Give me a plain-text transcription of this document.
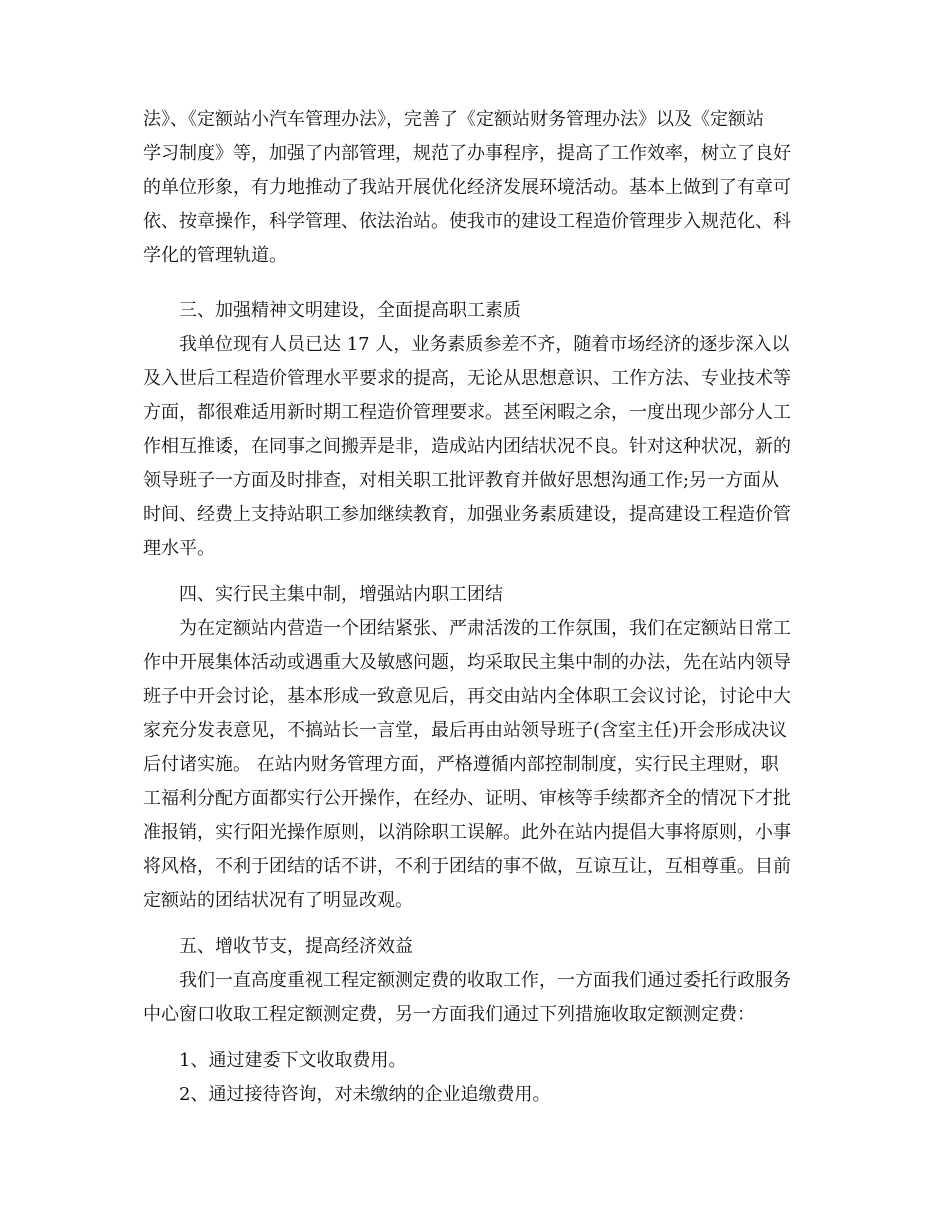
法》、《定额站小汽车管理办法》，完善了《定额站财务管理办法》以及《定额站
学习制度》等，加强了内部管理，规范了办事程序，提高了工作效率，树立了良好
的单位形象，有力地推动了我站开展优化经济发展环境活动。基本上做到了有章可
依、按章操作，科学管理、依法治站。使我市的建设工程造价管理步入规范化、科
学化的管理轨道。
三、加强精神文明建设，全面提高职工素质
我单位现有人员已达 17 人，业务素质参差不齐，随着市场经济的逐步深入以
及入世后工程造价管理水平要求的提高，无论从思想意识、工作方法、专业技术等
方面，都很难适用新时期工程造价管理要求。甚至闲暇之余，一度出现少部分人工
作相互推诿，在同事之间搬弄是非，造成站内团结状况不良。针对这种状况，新的
领导班子一方面及时排查，对相关职工批评教育并做好思想沟通工作;另一方面从
时间、经费上支持站职工参加继续教育，加强业务素质建设，提高建设工程造价管
理水平。
四、实行民主集中制，增强站内职工团结
为在定额站内营造一个团结紧张、严肃活泼的工作氛围，我们在定额站日常工
作中开展集体活动或遇重大及敏感问题，均采取民主集中制的办法，先在站内领导
班子中开会讨论，基本形成一致意见后，再交由站内全体职工会议讨论，讨论中大
家充分发表意见，不搞站长一言堂，最后再由站领导班子(含室主任)开会形成决议
后付诸实施。 在站内财务管理方面，严格遵循内部控制制度，实行民主理财，职
工福利分配方面都实行公开操作，在经办、证明、审核等手续都齐全的情况下才批
准报销，实行阳光操作原则，以消除职工误解。此外在站内提倡大事将原则，小事
将风格，不利于团结的话不讲，不利于团结的事不做，互谅互让，互相尊重。目前
定额站的团结状况有了明显改观。
五、增收节支，提高经济效益
我们一直高度重视工程定额测定费的收取工作，一方面我们通过委托行政服务
中心窗口收取工程定额测定费，另一方面我们通过下列措施收取定额测定费：
1、通过建委下文收取费用。
2、通过接待咨询，对未缴纳的企业追缴费用。
